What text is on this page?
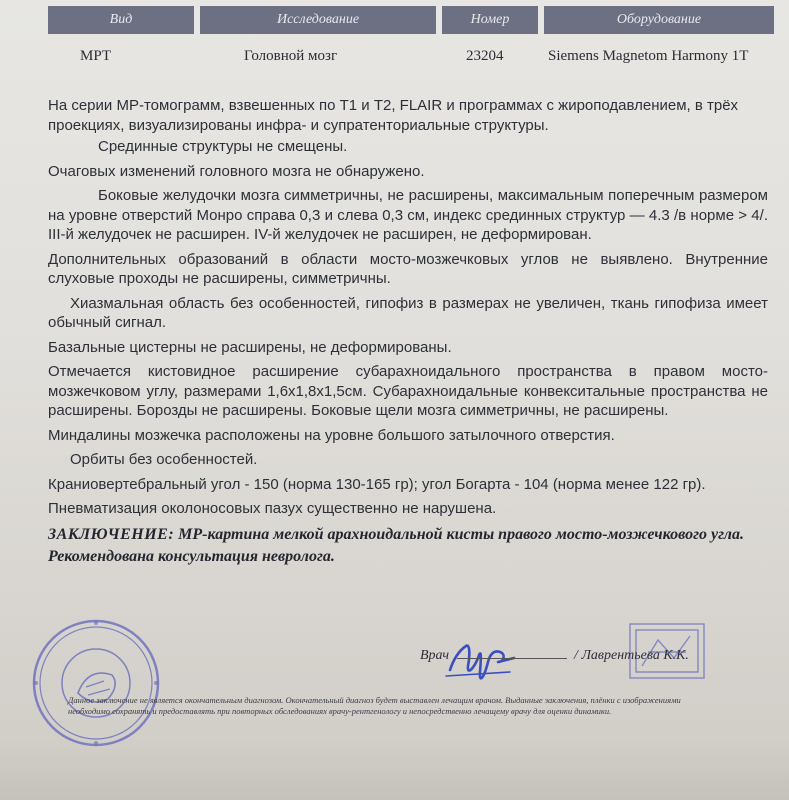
Вид	Исследование	Номер	Оборудование
МРТ	Головной мозг	23204	Siemens Magnetom Harmony 1T

На серии МР-томограмм, взвешенных по Т1 и Т2, FLAIR и программах с жироподавлением, в трёх проекциях, визуализированы инфра- и супратенториальные структуры.

Срединные структуры не смещены.

Очаговых изменений головного мозга не обнаружено.

Боковые желудочки мозга симметричны, не расширены, максимальным поперечным размером на уровне отверстий Монро справа 0,3 и слева 0,3 см, индекс срединных структур — 4.3 /в норме > 4/. III-й желудочек не расширен. IV-й желудочек не расширен, не деформирован.

Дополнительных образований в области мосто-мозжечковых углов не выявлено. Внутренние слуховые проходы не расширены, симметричны.

Хиазмальная область без особенностей, гипофиз в размерах не увеличен, ткань гипофиза имеет обычный сигнал.

Базальные цистерны не расширены, не деформированы.

Отмечается кистовидное расширение субарахноидального пространства в правом мосто-мозжечковом углу, размерами 1,6х1,8х1,5см. Субарахноидальные конвекситальные пространства не расширены. Борозды не расширены. Боковые щели мозга симметричны, не расширены.

Миндалины мозжечка расположены на уровне большого затылочного отверстия.

Орбиты без особенностей.

Краниовертебральный угол - 150 (норма 130-165 гр); угол Богарта - 104 (норма менее 122 гр).

Пневматизация околоносовых пазух существенно не нарушена.

ЗАКЛЮЧЕНИЕ: МР-картина мелкой арахноидальной кисты правого мосто-мозжечкового угла.
Рекомендована консультация невролога.
Врач	/ Лаврентьева К.К.
Данное заключение не является окончательным диагнозом. Окончательный диагноз будет выставлен лечащим врачом. Выданные заключения, плёнки с изображениями необходимо сохранять и предоставлять при повторных обследованиях врачу-рентгенологу и непосредственно лечащему врачу для оценки динамики.
